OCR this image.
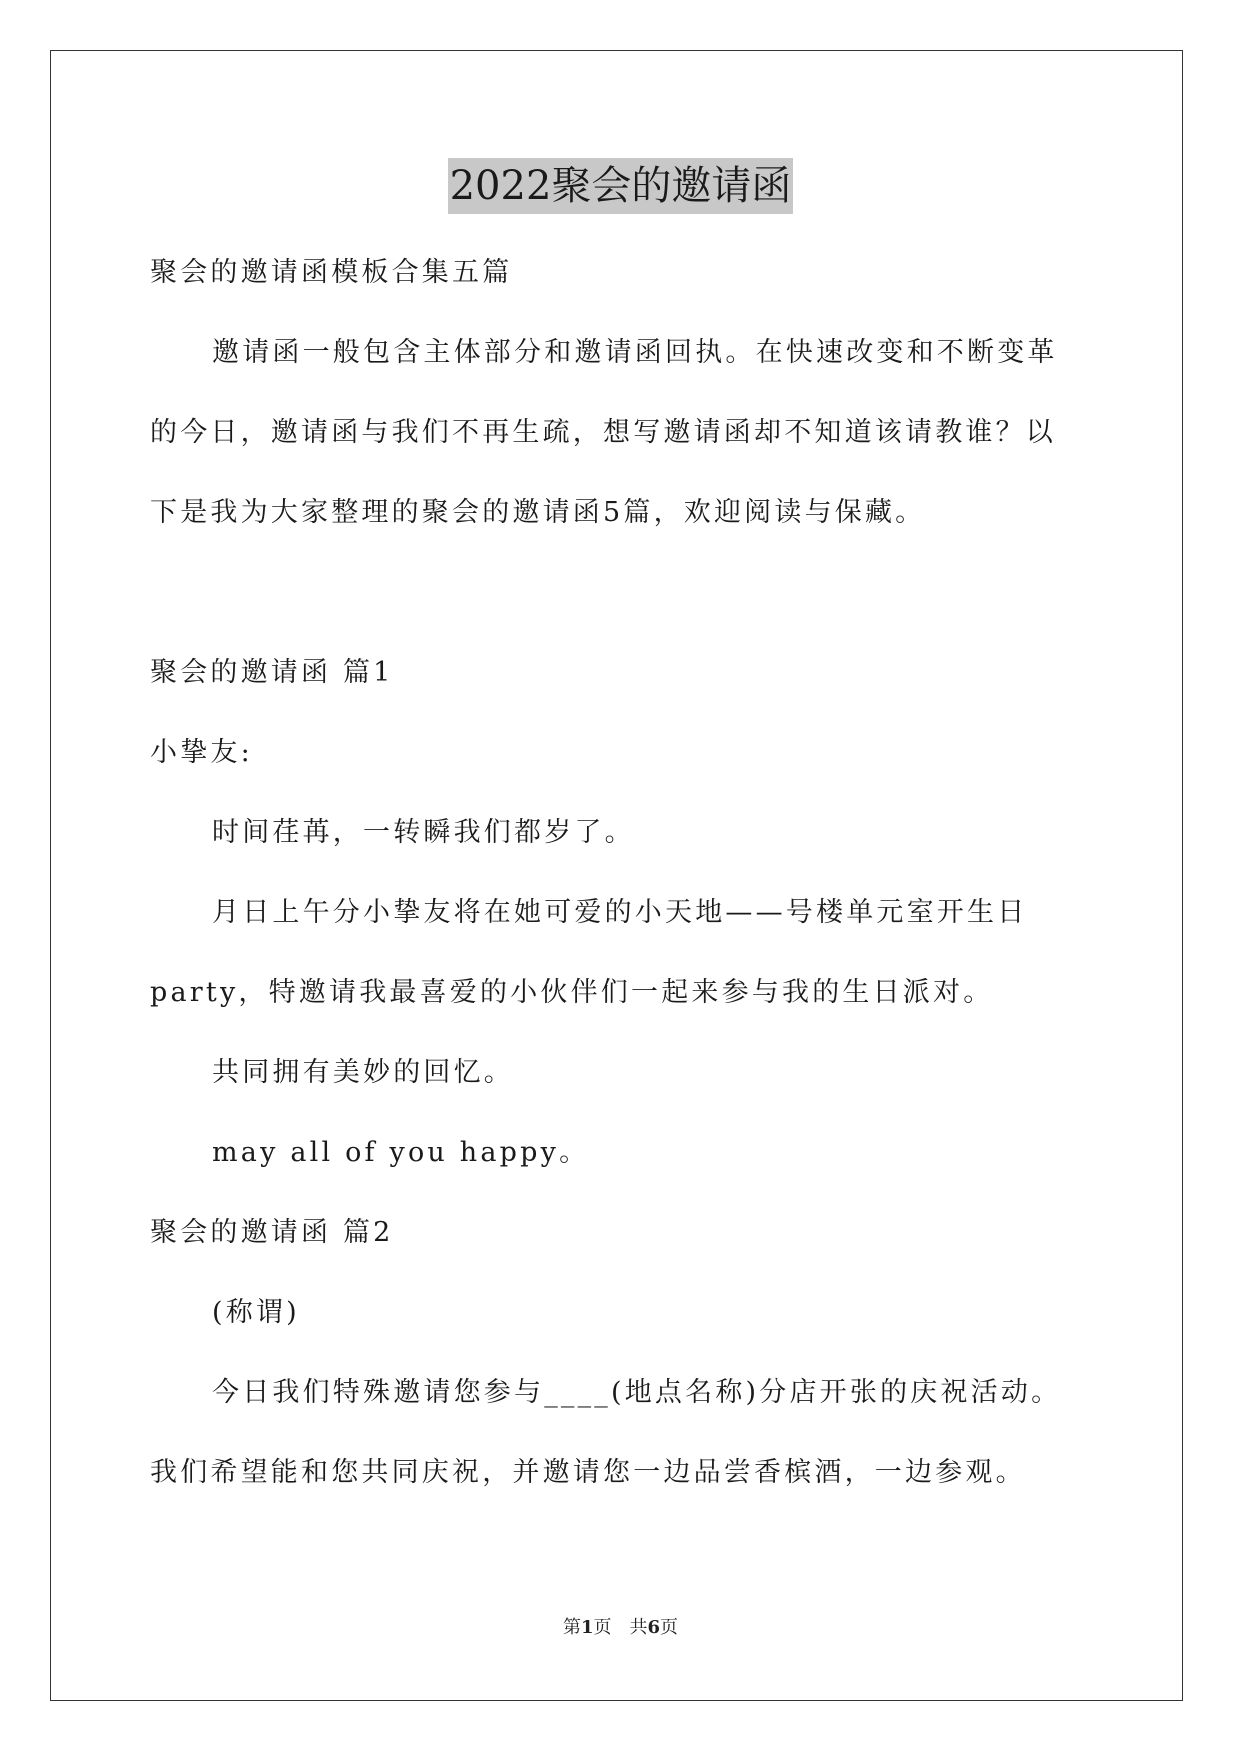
2022聚会的邀请函

聚会的邀请函模板合集五篇

邀请函一般包含主体部分和邀请函回执。在快速改变和不断变革的今日，邀请函与我们不再生疏，想写邀请函却不知道该请教谁？以下是我为大家整理的聚会的邀请函5篇，欢迎阅读与保藏。

聚会的邀请函 篇1

小挚友:

时间荏苒，一转瞬我们都岁了。

月日上午分小挚友将在她可爱的小天地——号楼单元室开生日party，特邀请我最喜爱的小伙伴们一起来参与我的生日派对。

共同拥有美妙的回忆。

may all of you happy。

聚会的邀请函 篇2

(称谓)

今日我们特殊邀请您参与____(地点名称)分店开张的庆祝活动。我们希望能和您共同庆祝，并邀请您一边品尝香槟酒，一边参观。

第1页　共6页
